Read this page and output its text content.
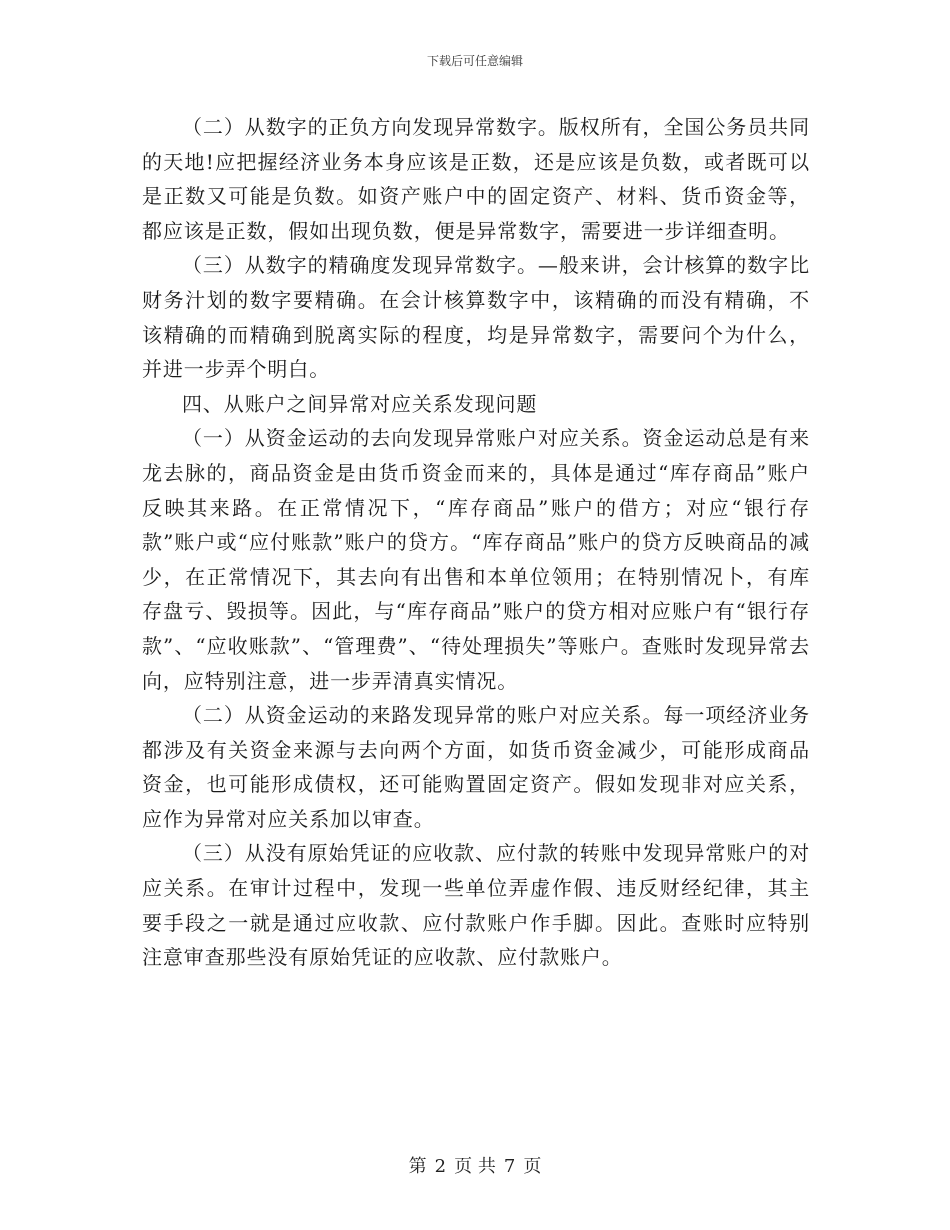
下载后可任意编辑

（二）从数字的正负方向发现异常数字。版权所有，全国公务员共同的天地!应把握经济业务本身应该是正数，还是应该是负数，或者既可以是正数又可能是负数。如资产账户中的固定资产、材料、货币资金等，都应该是正数，假如出现负数，便是异常数字，需要进一步详细查明。

（三）从数字的精确度发现异常数字。—般来讲，会计核算的数字比财务汁划的数字要精确。在会计核算数字中，该精确的而没有精确，不该精确的而精确到脱离实际的程度，均是异常数字，需要问个为什么，并进一步弄个明白。

四、从账户之间异常对应关系发现问题

（一）从资金运动的去向发现异常账户对应关系。资金运动总是有来龙去脉的，商品资金是由货币资金而来的，具体是通过“库存商品”账户反映其来路。在正常情况下，“库存商品”账户的借方；对应“银行存款”账户或“应付账款”账户的贷方。“库存商品”账户的贷方反映商品的减少，在正常情况下，其去向有出售和本单位领用；在特别情况卜，有库存盘亏、毁损等。因此，与“库存商品”账户的贷方相对应账户有“银行存款”、“应收账款”、“管理费”、“待处理损失”等账户。查账时发现异常去向，应特别注意，进一步弄清真实情况。

（二）从资金运动的来路发现异常的账户对应关系。每一项经济业务都涉及有关资金来源与去向两个方面，如货币资金减少，可能形成商品资金，也可能形成债权，还可能购置固定资产。假如发现非对应关系，应作为异常对应关系加以审查。

（三）从没有原始凭证的应收款、应付款的转账中发现异常账户的对应关系。在审计过程中，发现一些单位弄虚作假、违反财经纪律，其主要手段之一就是通过应收款、应付款账户作手脚。因此。查账时应特别注意审查那些没有原始凭证的应收款、应付款账户。

第 2 页 共 7 页
